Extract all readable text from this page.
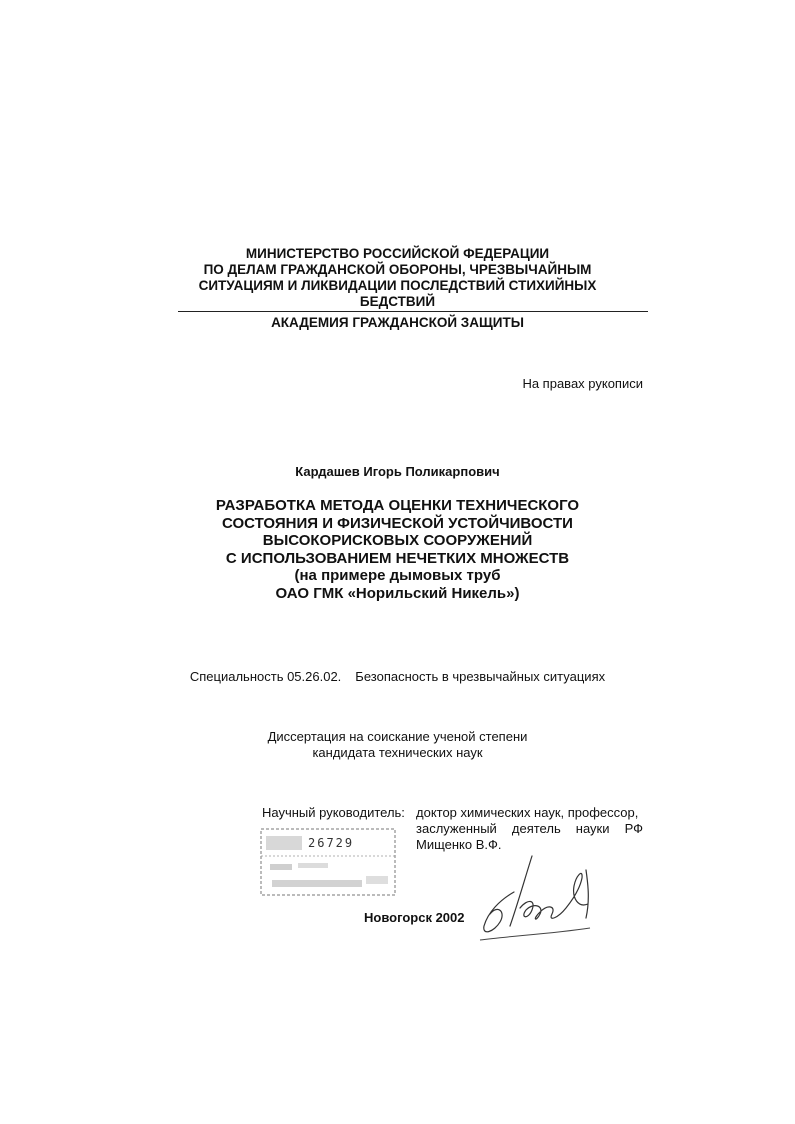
МИНИСТЕРСТВО РОССИЙСКОЙ ФЕДЕРАЦИИ
ПО ДЕЛАМ ГРАЖДАНСКОЙ ОБОРОНЫ, ЧРЕЗВЫЧАЙНЫМ
СИТУАЦИЯМ И ЛИКВИДАЦИИ ПОСЛЕДСТВИЙ СТИХИЙНЫХ
БЕДСТВИЙ
АКАДЕМИЯ ГРАЖДАНСКОЙ ЗАЩИТЫ
На правах рукописи
Кардашев Игорь Поликарпович
РАЗРАБОТКА МЕТОДА ОЦЕНКИ ТЕХНИЧЕСКОГО
СОСТОЯНИЯ И ФИЗИЧЕСКОЙ УСТОЙЧИВОСТИ
ВЫСОКОРИСКОВЫХ СООРУЖЕНИЙ
С ИСПОЛЬЗОВАНИЕМ НЕЧЕТКИХ МНОЖЕСТВ
(на примере дымовых труб
ОАО ГМК «Норильский Никель»)
Специальность 05.26.02. Безопасность в чрезвычайных ситуациях
Диссертация на соискание ученой степени
кандидата технических наук
Научный руководитель: доктор химических наук, профессор,
заслуженный деятель науки РФ
Мищенко В.Ф.
26729
Новогорск 2002
